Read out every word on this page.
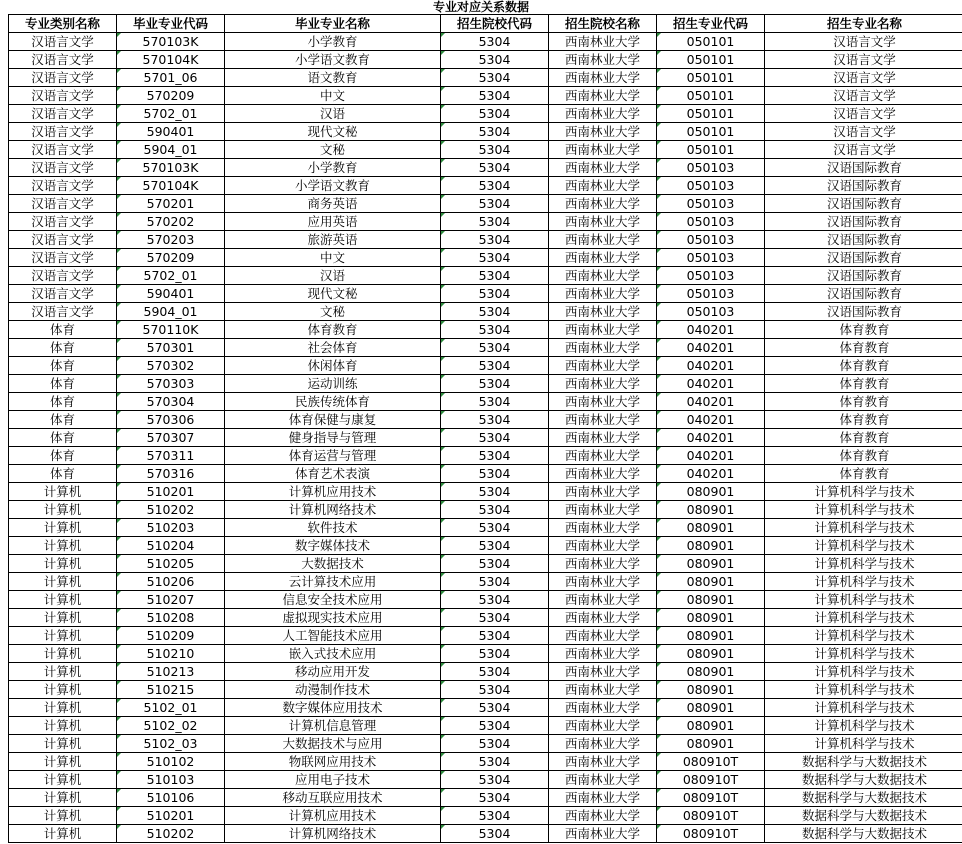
专业对应关系数据
专业类别名称	毕业专业代码	毕业专业名称	招生院校代码	招生院校名称	招生专业代码	招生专业名称
汉语言文学	570103K	小学教育	5304	西南林业大学	050101	汉语言文学
汉语言文学	570104K	小学语文教育	5304	西南林业大学	050101	汉语言文学
汉语言文学	5701_06	语文教育	5304	西南林业大学	050101	汉语言文学
汉语言文学	570209	中文	5304	西南林业大学	050101	汉语言文学
汉语言文学	5702_01	汉语	5304	西南林业大学	050101	汉语言文学
汉语言文学	590401	现代文秘	5304	西南林业大学	050101	汉语言文学
汉语言文学	5904_01	文秘	5304	西南林业大学	050101	汉语言文学
汉语言文学	570103K	小学教育	5304	西南林业大学	050103	汉语国际教育
汉语言文学	570104K	小学语文教育	5304	西南林业大学	050103	汉语国际教育
汉语言文学	570201	商务英语	5304	西南林业大学	050103	汉语国际教育
汉语言文学	570202	应用英语	5304	西南林业大学	050103	汉语国际教育
汉语言文学	570203	旅游英语	5304	西南林业大学	050103	汉语国际教育
汉语言文学	570209	中文	5304	西南林业大学	050103	汉语国际教育
汉语言文学	5702_01	汉语	5304	西南林业大学	050103	汉语国际教育
汉语言文学	590401	现代文秘	5304	西南林业大学	050103	汉语国际教育
汉语言文学	5904_01	文秘	5304	西南林业大学	050103	汉语国际教育
体育	570110K	体育教育	5304	西南林业大学	040201	体育教育
体育	570301	社会体育	5304	西南林业大学	040201	体育教育
体育	570302	休闲体育	5304	西南林业大学	040201	体育教育
体育	570303	运动训练	5304	西南林业大学	040201	体育教育
体育	570304	民族传统体育	5304	西南林业大学	040201	体育教育
体育	570306	体育保健与康复	5304	西南林业大学	040201	体育教育
体育	570307	健身指导与管理	5304	西南林业大学	040201	体育教育
体育	570311	体育运营与管理	5304	西南林业大学	040201	体育教育
体育	570316	体育艺术表演	5304	西南林业大学	040201	体育教育
计算机	510201	计算机应用技术	5304	西南林业大学	080901	计算机科学与技术
计算机	510202	计算机网络技术	5304	西南林业大学	080901	计算机科学与技术
计算机	510203	软件技术	5304	西南林业大学	080901	计算机科学与技术
计算机	510204	数字媒体技术	5304	西南林业大学	080901	计算机科学与技术
计算机	510205	大数据技术	5304	西南林业大学	080901	计算机科学与技术
计算机	510206	云计算技术应用	5304	西南林业大学	080901	计算机科学与技术
计算机	510207	信息安全技术应用	5304	西南林业大学	080901	计算机科学与技术
计算机	510208	虚拟现实技术应用	5304	西南林业大学	080901	计算机科学与技术
计算机	510209	人工智能技术应用	5304	西南林业大学	080901	计算机科学与技术
计算机	510210	嵌入式技术应用	5304	西南林业大学	080901	计算机科学与技术
计算机	510213	移动应用开发	5304	西南林业大学	080901	计算机科学与技术
计算机	510215	动漫制作技术	5304	西南林业大学	080901	计算机科学与技术
计算机	5102_01	数字媒体应用技术	5304	西南林业大学	080901	计算机科学与技术
计算机	5102_02	计算机信息管理	5304	西南林业大学	080901	计算机科学与技术
计算机	5102_03	大数据技术与应用	5304	西南林业大学	080901	计算机科学与技术
计算机	510102	物联网应用技术	5304	西南林业大学	080910T	数据科学与大数据技术
计算机	510103	应用电子技术	5304	西南林业大学	080910T	数据科学与大数据技术
计算机	510106	移动互联应用技术	5304	西南林业大学	080910T	数据科学与大数据技术
计算机	510201	计算机应用技术	5304	西南林业大学	080910T	数据科学与大数据技术
计算机	510202	计算机网络技术	5304	西南林业大学	080910T	数据科学与大数据技术
